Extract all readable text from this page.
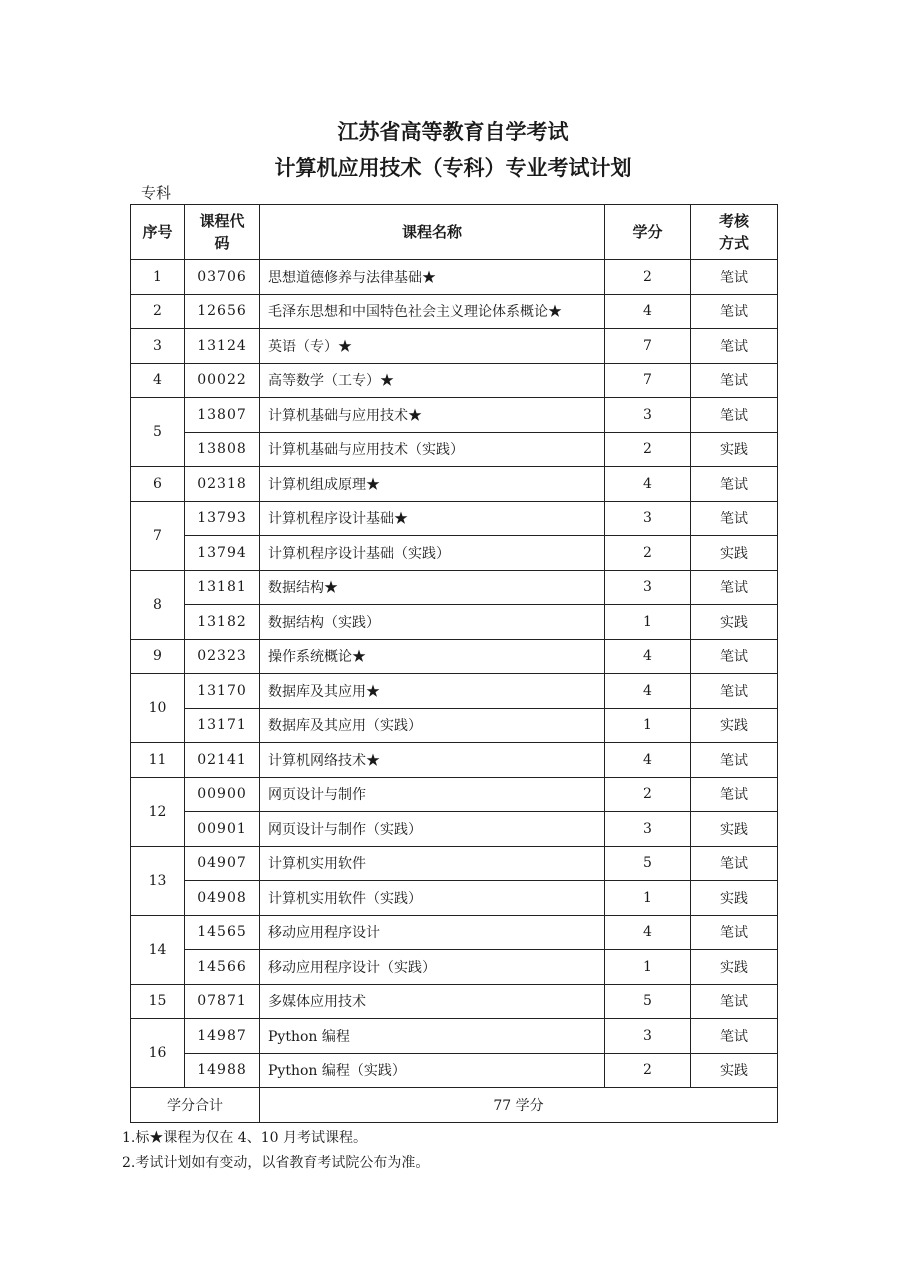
江苏省高等教育自学考试
计算机应用技术（专科）专业考试计划
专科
序号	课程代码	课程名称	学分	考核方式
1	03706	思想道德修养与法律基础★	2	笔试
2	12656	毛泽东思想和中国特色社会主义理论体系概论★	4	笔试
3	13124	英语（专）★	7	笔试
4	00022	高等数学（工专）★	7	笔试
5	13807	计算机基础与应用技术★	3	笔试
	13808	计算机基础与应用技术（实践）	2	实践
6	02318	计算机组成原理★	4	笔试
7	13793	计算机程序设计基础★	3	笔试
	13794	计算机程序设计基础（实践）	2	实践
8	13181	数据结构★	3	笔试
	13182	数据结构（实践）	1	实践
9	02323	操作系统概论★	4	笔试
10	13170	数据库及其应用★	4	笔试
	13171	数据库及其应用（实践）	1	实践
11	02141	计算机网络技术★	4	笔试
12	00900	网页设计与制作	2	笔试
	00901	网页设计与制作（实践）	3	实践
13	04907	计算机实用软件	5	笔试
	04908	计算机实用软件（实践）	1	实践
14	14565	移动应用程序设计	4	笔试
	14566	移动应用程序设计（实践）	1	实践
15	07871	多媒体应用技术	5	笔试
16	14987	Python 编程	3	笔试
	14988	Python 编程（实践）	2	实践
学分合计		77 学分		
1.标★课程为仅在 4、10 月考试课程。
2.考试计划如有变动，以省教育考试院公布为准。
